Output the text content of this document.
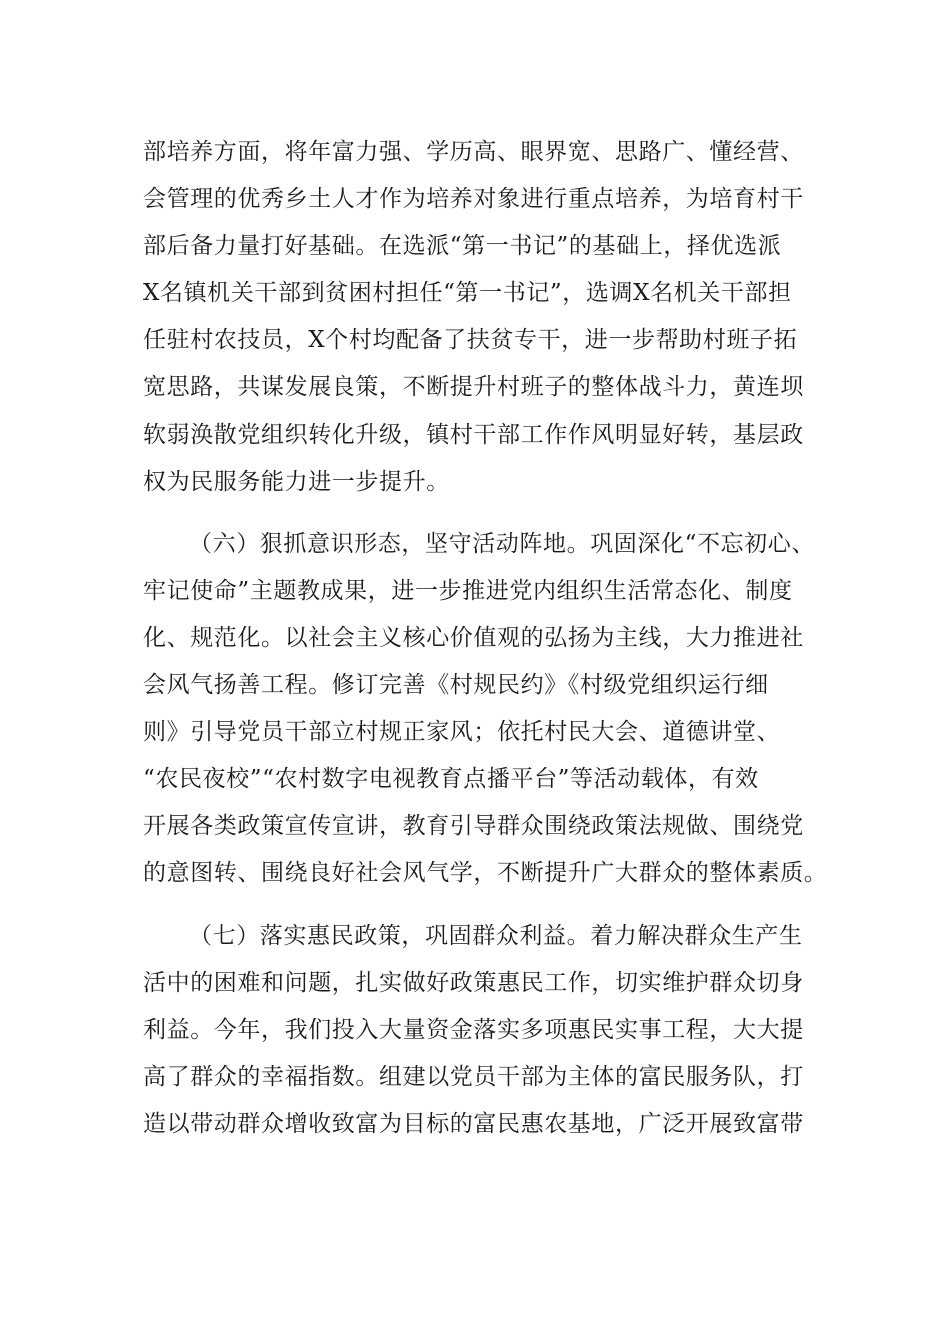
部培养方面，将年富力强、学历高、眼界宽、思路广、懂经营、
会管理的优秀乡土人才作为培养对象进行重点培养，为培育村干
部后备力量打好基础。在选派“第一书记”的基础上，择优选派
X名镇机关干部到贫困村担任“第一书记”，选调X名机关干部担
任驻村农技员，X个村均配备了扶贫专干，进一步帮助村班子拓
宽思路，共谋发展良策，不断提升村班子的整体战斗力，黄连坝
软弱涣散党组织转化升级，镇村干部工作作风明显好转，基层政
权为民服务能力进一步提升。
（六）狠抓意识形态，坚守活动阵地。巩固深化“不忘初心、
牢记使命”主题教成果，进一步推进党内组织生活常态化、制度
化、规范化。以社会主义核心价值观的弘扬为主线，大力推进社
会风气扬善工程。修订完善《村规民约》《村级党组织运行细
则》引导党员干部立村规正家风；依托村民大会、道德讲堂、
“农民夜校”“农村数字电视教育点播平台”等活动载体，有效
开展各类政策宣传宣讲，教育引导群众围绕政策法规做、围绕党
的意图转、围绕良好社会风气学，不断提升广大群众的整体素质。
（七）落实惠民政策，巩固群众利益。着力解决群众生产生
活中的困难和问题，扎实做好政策惠民工作，切实维护群众切身
利益。今年，我们投入大量资金落实多项惠民实事工程，大大提
高了群众的幸福指数。组建以党员干部为主体的富民服务队，打
造以带动群众增收致富为目标的富民惠农基地，广泛开展致富带
